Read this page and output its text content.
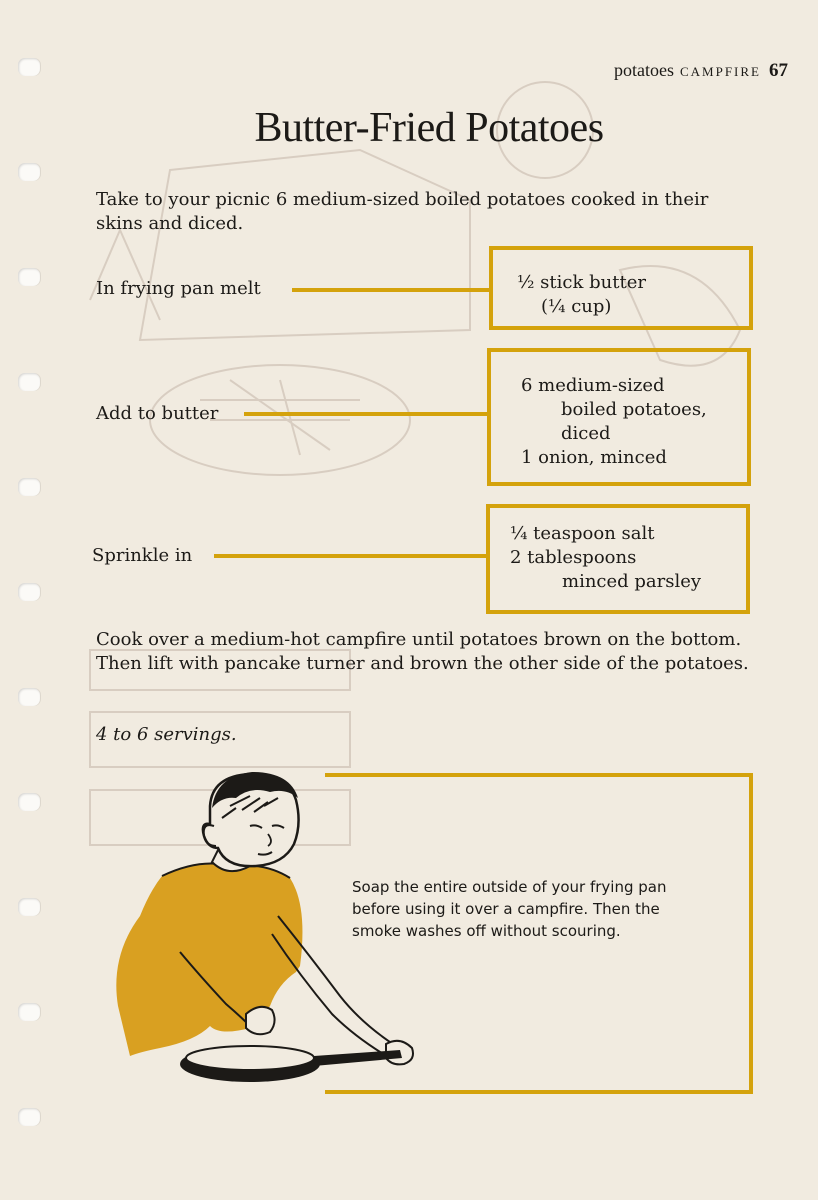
potatoes CAMPFIRE 67
Butter-Fried Potatoes
Take to your picnic 6 medium-sized boiled potatoes cooked in their skins and diced.
In frying pan melt	½ stick butter
(¼ cup)
Add to butter
6 medium-sized
boiled potatoes,
diced
1 onion, minced
Sprinkle in
¼ teaspoon salt
2 tablespoons
minced parsley
Cook over a medium-hot campfire until potatoes brown on the bottom. Then lift with pancake turner and brown the other side of the potatoes.
4 to 6 servings.
Soap the entire outside of your frying pan
before using it over a campfire. Then the
smoke washes off without scouring.
